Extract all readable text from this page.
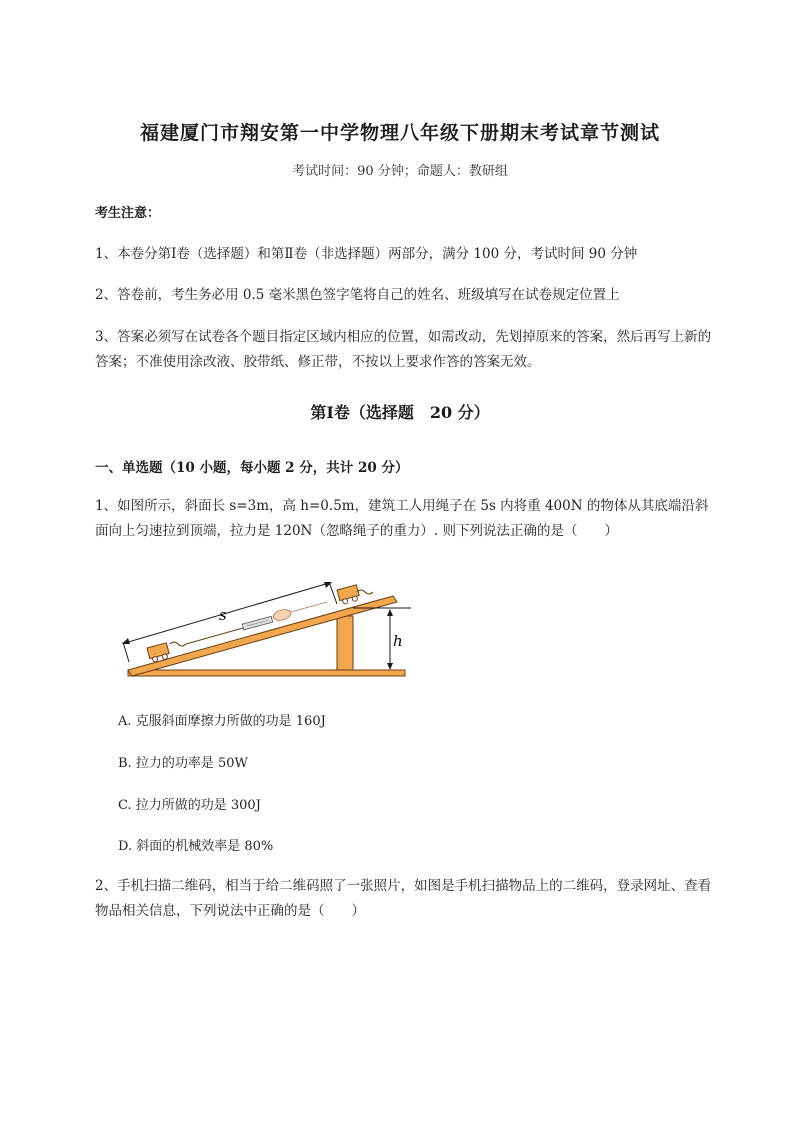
福建厦门市翔安第一中学物理八年级下册期末考试章节测试
考试时间：90 分钟；命题人：教研组
考生注意：
1、本卷分第Ⅰ卷（选择题）和第Ⅱ卷（非选择题）两部分，满分 100 分，考试时间 90 分钟
2、答卷前，考生务必用 0.5 毫米黑色签字笔将自己的姓名、班级填写在试卷规定位置上
3、答案必须写在试卷各个题目指定区域内相应的位置，如需改动，先划掉原来的答案，然后再写上新的答案；不准使用涂改液、胶带纸、修正带，不按以上要求作答的答案无效。
第Ⅰ卷（选择题　20 分）
一、单选题（10 小题，每小题 2 分，共计 20 分）
1、如图所示，斜面长 s=3m，高 h=0.5m，建筑工人用绳子在 5s 内将重 400N 的物体从其底端沿斜面向上匀速拉到顶端，拉力是 120N（忽略绳子的重力）. 则下列说法正确的是（　　）
h
s
A. 克服斜面摩擦力所做的功是 160J
B. 拉力的功率是 50W
C. 拉力所做的功是 300J
D. 斜面的机械效率是 80%
2、手机扫描二维码，相当于给二维码照了一张照片，如图是手机扫描物品上的二维码，登录网址、查看物品相关信息，下列说法中正确的是（　　）
